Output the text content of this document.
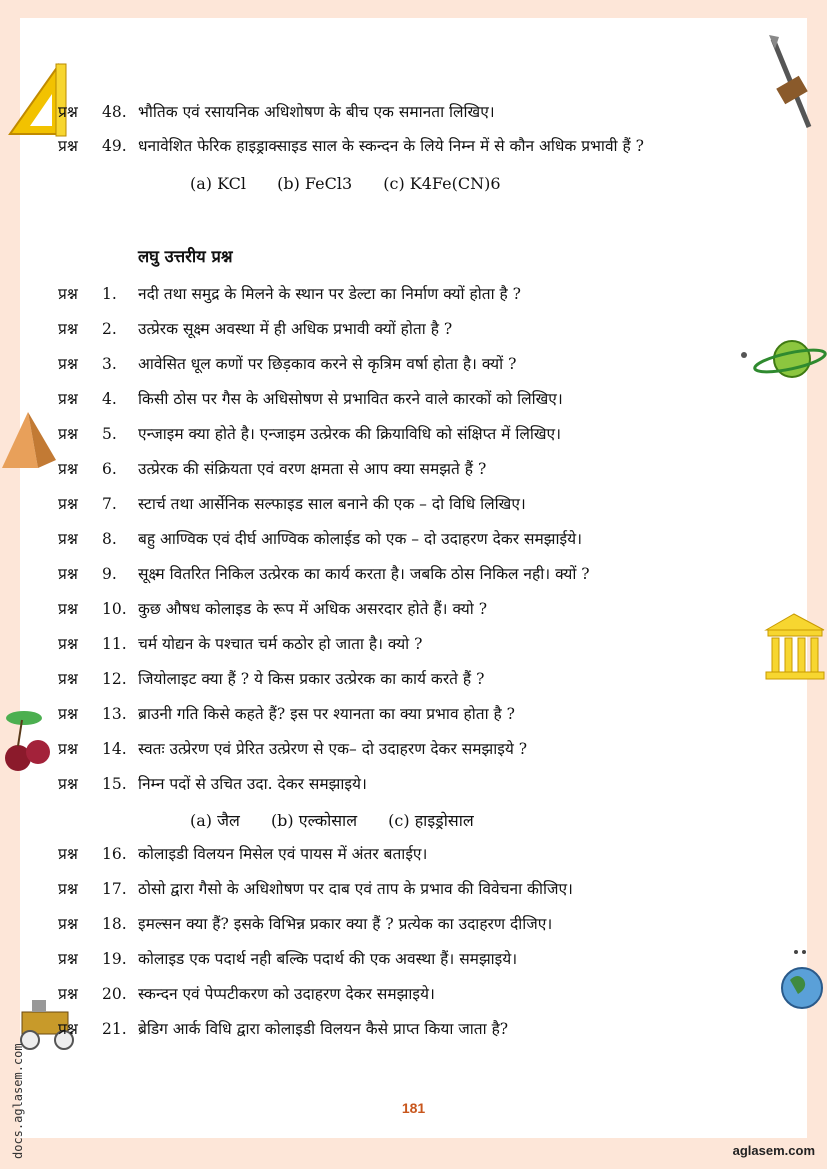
प्रश्न 48. भौतिक एवं रसायनिक अधिशोषण के बीच एक समानता लिखिए।
प्रश्न 49. धनावेशित फेरिक हाइड्राक्साइड साल के स्कन्दन के लिये निम्न में से कौन अधिक प्रभावी हैं ?
(a) KCl (b) FeCl3 (c) K4Fe(CN)6
लघु उत्तरीय प्रश्न
प्रश्न 1. नदी तथा समुद्र के मिलने के स्थान पर डेल्टा का निर्माण क्यों होता है ?
प्रश्न 2. उत्प्रेरक सूक्ष्म अवस्था में ही अधिक प्रभावी क्यों होता है ?
प्रश्न 3. आवेसित धूल कणों पर छिड़काव करने से कृत्रिम वर्षा होता है। क्यों ?
प्रश्न 4. किसी ठोस पर गैस के अधिसोषण से प्रभावित करने वाले कारकों को लिखिए।
प्रश्न 5. एन्जाइम क्या होते है। एन्जाइम उत्प्रेरक की क्रियाविधि को संक्षिप्त में लिखिए।
प्रश्न 6. उत्प्रेरक की संक्रियता एवं वरण क्षमता से आप क्या समझते हैं ?
प्रश्न 7. स्टार्च तथा आर्सेनिक सल्फाइड साल बनाने की एक – दो विधि लिखिए।
प्रश्न 8. बहु आण्विक एवं दीर्घ आण्विक कोलाईड को एक – दो उदाहरण देकर समझाईये।
प्रश्न 9. सूक्ष्म वितरित निकिल उत्प्रेरक का कार्य करता है। जबकि ठोस निकिल नही। क्यों ?
प्रश्न 10. कुछ औषध कोलाइड के रूप में अधिक असरदार होते हैं। क्यो ?
प्रश्न 11. चर्म योद्यन के पश्चात चर्म कठोर हो जाता है। क्यो ?
प्रश्न 12. जियोलाइट क्या हैं ? ये किस प्रकार उत्प्रेरक का कार्य करते हैं ?
प्रश्न 13. ब्राउनी गति किसे कहते हैं? इस पर श्यानता का क्या प्रभाव होता है ?
प्रश्न 14. स्वतः उत्प्रेरण एवं प्रेरित उत्प्रेरण से एक– दो उदाहरण देकर समझाइये ?
प्रश्न 15. निम्न पदों से उचित उदा. देकर समझाइये।
प्रश्न 16. कोलाइडी विलयन मिसेल एवं पायस में अंतर बताईए।
प्रश्न 17. ठोसो द्वारा गैसो के अधिशोषण पर दाब एवं ताप के प्रभाव की विवेचना कीजिए।
प्रश्न 18. इमल्सन क्या हैं? इसके विभिन्न प्रकार क्या हैं ? प्रत्येक का उदाहरण दीजिए।
प्रश्न 19. कोलाइड एक पदार्थ नही बल्कि पदार्थ की एक अवस्था हैं। समझाइये।
प्रश्न 20. स्कन्दन एवं पेप्पटीकरण को उदाहरण देकर समझाइये।
प्रश्न 21. ब्रेडिग आर्क विधि द्वारा कोलाइडी विलयन कैसे प्राप्त किया जाता है?
(a) जैल (b) एल्कोसाल (c) हाइड्रोसाल
181
aglasem.com
docs.aglasem.com
